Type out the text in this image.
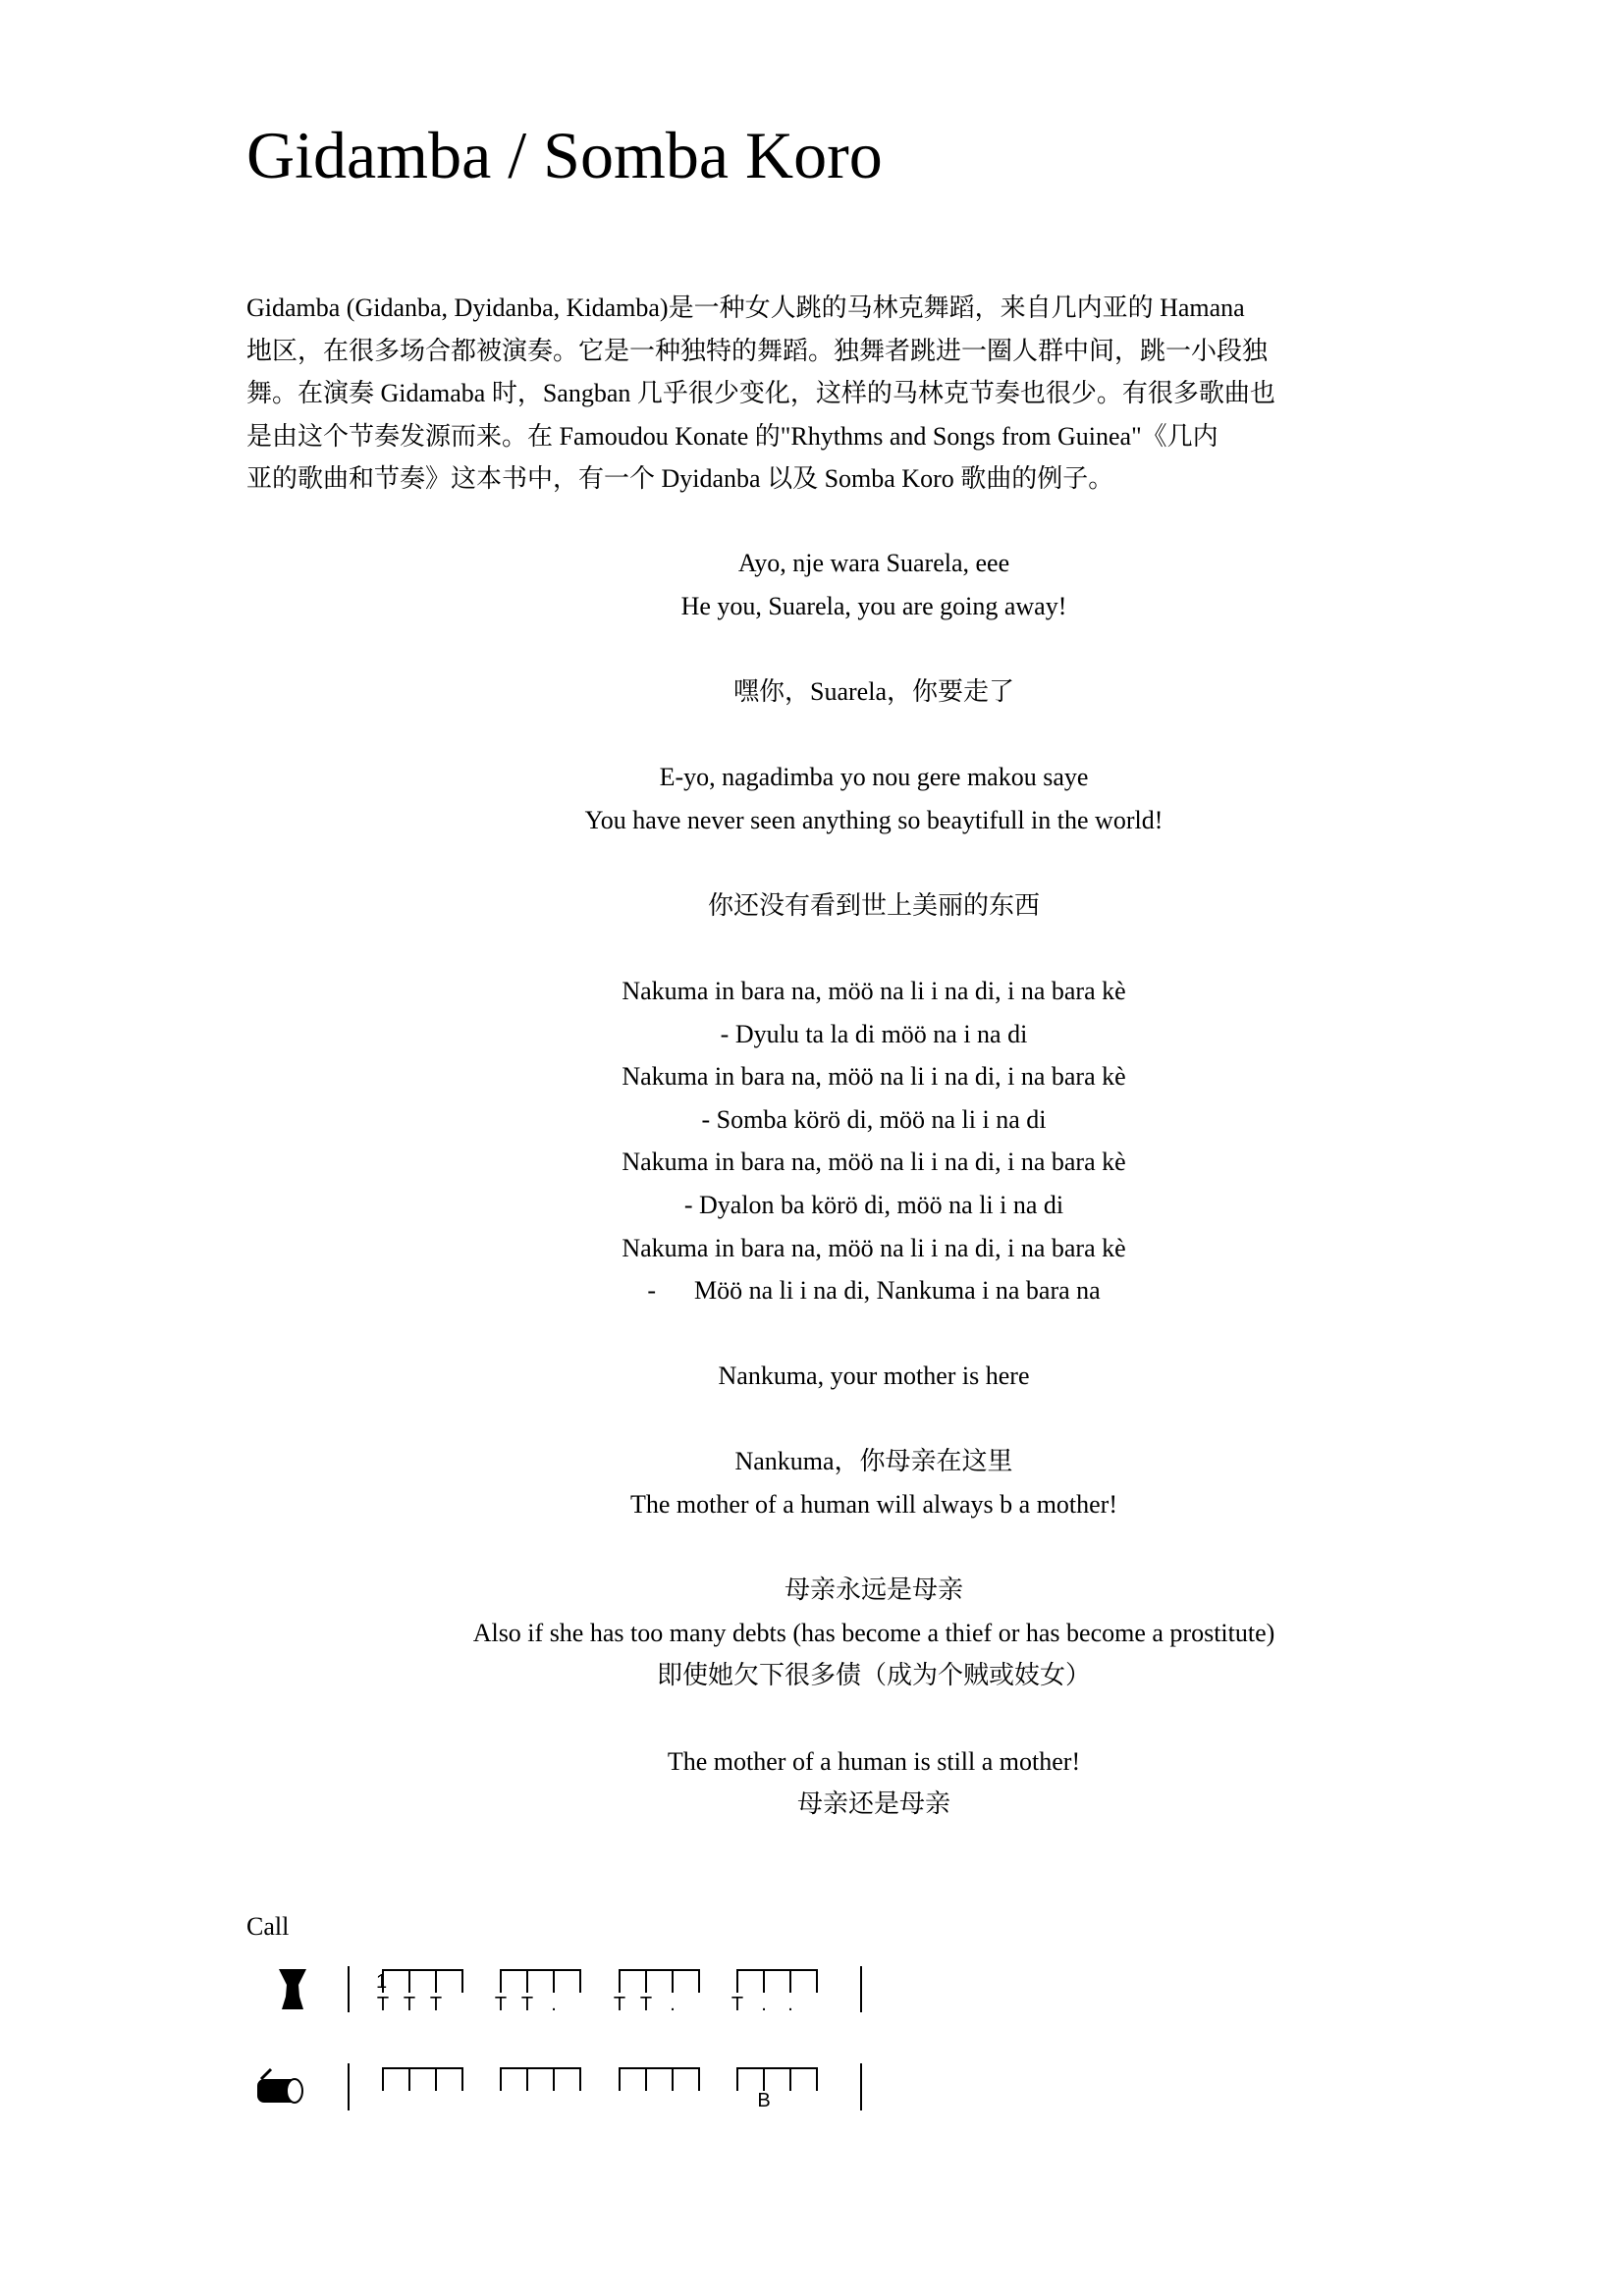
Gidamba / Somba Koro
Gidamba (Gidanba, Dyidanba, Kidamba)是一种女人跳的马林克舞蹈，来自几内亚的 Hamana
地区，在很多场合都被演奏。它是一种独特的舞蹈。独舞者跳进一圈人群中间，跳一小段独
舞。在演奏 Gidamaba 时，Sangban 几乎很少变化，这样的马林克节奏也很少。有很多歌曲也
是由这个节奏发源而来。在 Famoudou Konate 的"Rhythms and Songs from Guinea"《几内
亚的歌曲和节奏》这本书中，有一个 Dyidanba 以及 Somba Koro 歌曲的例子。
Ayo, nje wara Suarela, eee
He you, Suarela, you are going away!
嘿你，Suarela，你要走了
E-yo, nagadimba yo nou gere makou saye
You have never seen anything so beaytifull in the world!
你还没有看到世上美丽的东西
Nakuma in bara na, möö na li i na di, i na bara kè
- Dyulu ta la di möö na i na di
Nakuma in bara na, möö na li i na di, i na bara kè
- Somba körö di, möö na li i na di
Nakuma in bara na, möö na li i na di, i na bara kè
- Dyalon ba körö di, möö na li i na di
Nakuma in bara na, möö na li i na di, i na bara kè
-      Möö na li i na di, Nankuma i na bara na
Nankuma, your mother is here
Nankuma，你母亲在这里
The mother of a human will always b a mother!
母亲永远是母亲
Also if she has too many debts (has become a thief or has become a prostitute)
即使她欠下很多债（成为个贼或妓女）
The mother of a human is still a mother!
母亲还是母亲
Call
T T T	T T .	T T .	T . .
1
B
